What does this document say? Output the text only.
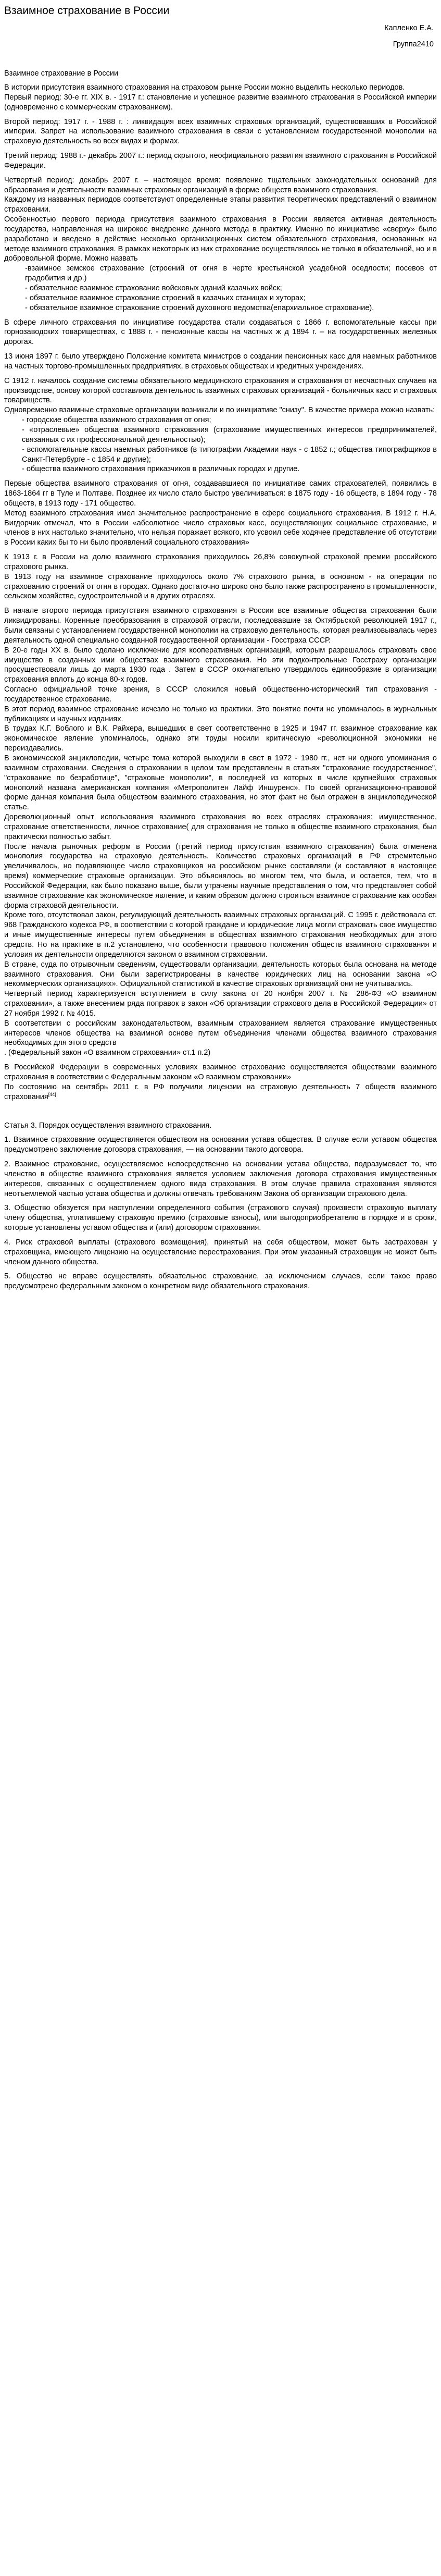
Взаимное страхование в России
Капленко Е.А.
Группа2410
Взаимное страхование в России

В истории присутствия взаимного страхования на страховом рынке России можно выделить несколько периодов.

Первый период: 30-е гг. XIX в. - 1917 г.: становление и успешное развитие взаимного страхования в Российской империи (одновременно с коммерческим страхованием).

Второй период: 1917 г. - 1988 г. : ликвидация всех взаимных страховых организаций, существовавших в Российской империи. Запрет на использование взаимного страхования в связи с установлением государственной монополии на страховую деятельность во всех видах и формах.

Третий период: 1988 г.- декабрь 2007 г.: период скрытого, неофициального развития взаимного страхования в Российской Федерации.

Четвертый период: декабрь 2007 г. – настоящее время: появление тщательных законодательных оснований для образования и деятельности взаимных страховых организаций в форме обществ взаимного страхования.

Каждому из названных периодов соответствуют определенные этапы развития теоретических представлений о взаимном страховании.

Особенностью первого периода присутствия взаимного страхования в России является активная деятельность государства, направленная на широкое внедрение данного метода в практику. Именно по инициативе «сверху» было разработано и введено в действие несколько организационных систем обязательного страхования, основанных на методе взаимного страхования. В рамках некоторых из них страхование осуществлялось не только в обязательной, но и в добровольной форме. Можно назвать

-взаимное земское страхование (строений от огня в черте крестьянской усадебной оседлости; посевов от градобития и др.)

- обязательное взаимное страхование войсковых зданий казачьих войск;

- обязательное взаимное страхование строений в казачьих станицах и хуторах;

- обязательное взаимное страхование строений духовного ведомства(епархиальное страхование).

В сфере личного страхования по инициативе государства стали создаваться с 1866 г. вспомогательные кассы при горнозаводских товариществах, с 1888 г. - пенсионные кассы на частных ж д 1894 г. – на государственных железных дорогах.

13 июня 1897 г. было утверждено Положение комитета министров о создании пенсионных касс для наемных работников на частных торгово-промышленных предприятиях, в страховых обществах и кредитных учреждениях.

С 1912 г. началось создание системы обязательного медицинского страхования и страхования от несчастных случаев на производстве, основу которой составляла деятельность взаимных страховых организаций - больничных касс и страховых товариществ.

Одновременно взаимные страховые организации возникали и по инициативе "снизу". В качестве примера можно назвать:

- городские общества взаимного страхования от огня;

- «отраслевые» общества взаимного страхования (страхование имущественных интересов предпринимателей, связанных с их профессиональной деятельностью);

- вспомогательные кассы наемных работников (в типографии Академии наук - с 1852 г.; общества типографщиков в Санкт-Петербурге - с 1854 и другие);

- общества взаимного страхования приказчиков в различных городах и другие.

Первые общества взаимного страхования от огня, создававшиеся по инициативе самих страхователей, появились в 1863-1864 гг в Туле и Полтаве. Позднее их число стало быстро увеличиваться: в 1875 году - 16 обществ, в 1894 году - 78 обществ, в 1913 году - 171 общество.

Метод взаимного страхования имел значительное распространение в сфере социального страхования. В 1912 г. Н.А. Вигдорчик отмечал, что в России «абсолютное число страховых касс, осуществляющих социальное страхование, и членов в них настолько значительно, что нельзя поражает всякого, кто усвоил себе ходячее представление об отсутствии в России каких бы то ни было проявлений социального страхования»

К 1913 г. в России на долю взаимного страхования приходилось 26,8% совокупной страховой премии российского страхового рынка.

В 1913 году на взаимное страхование приходилось около 7% страхового рынка, в основном - на операции по страхованию строений от огня в городах. Однако достаточно широко оно было также распространено в промышленности, сельском хозяйстве, судостроительной и в других отраслях.

В начале второго периода присутствия взаимного страхования в России все взаимные общества страхования были ликвидированы. Коренные преобразования в страховой отрасли, последовавшие за Октябрьской революцией 1917 г., были связаны с установлением государственной монополии на страховую деятельность, которая реализовывалась через деятельность одной специально созданной государственной организации - Госстраха СССР.

В 20-е годы XX в. было сделано исключение для кооперативных организаций, которым разрешалось страховать свое имущество в созданных ими обществах взаимного страхования. Но эти подконтрольные Госстраху организации просуществовали лишь до марта 1930 года . Затем в СССР окончательно утвердилось единообразие в организации страхования вплоть до конца 80-х годов.

Согласно официальной точке зрения, в СССР сложился новый общественно-исторический тип страхования - государственное страхование.

В этот период взаимное страхование исчезло не только из практики. Это понятие почти не упоминалось в журнальных публикациях и научных изданиях.

В трудах К.Г. Воблого и В.К. Райхера, вышедших в свет соответственно в 1925 и 1947 гг. взаимное страхование как экономическое явление упоминалось, однако эти труды носили критическую «революционной экономики не переиздавались.

В экономической энциклопедии, четыре тома которой выходили в свет в 1972 - 1980 гг., нет ни одного упоминания о взаимном страховании. Сведения о страховании в целом там представлены в статьях "страхование государственное", "страхование по безработице", "страховые монополии", в последней из которых в числе крупнейших страховых монополий названа американская компания «Метрополитен Лайф Иншуренс». По своей организационно-правовой форме данная компания была обществом взаимного страхования, но этот факт не был отражен в энциклопедической статье.

Дореволюционный опыт использования взаимного страхования во всех отраслях страхования: имущественное, страхование ответственности, личное страхование( для страхования не только в обществе взаимного страхования, был практически полностью забыт.

После начала рыночных реформ в России (третий период присутствия взаимного страхования) была отменена монополия государства на страховую деятельность. Количество страховых организаций в РФ стремительно увеличивалось, но подавляющее число страховщиков на российском рынке составляли (и составляют в настоящее время) коммерческие страховые организации. Это объяснялось во многом тем, что была, и остается, тем, что в Российской Федерации, как было показано выше, были утрачены научные представления о том, что представляет собой взаимное страхование как экономическое явление, и каким образом должно строиться взаимное страхование как особая форма страховой деятельности.

Кроме того, отсутствовал закон, регулирующий деятельность взаимных страховых организаций. С 1995 г. действовала ст. 968 Гражданского кодекса РФ, в соответствии с которой граждане и юридические лица могли страховать свое имущество и иные имущественные интересы путем объединения в обществах взаимного страхования необходимых для этого средств. Но на практике в п.2 установлено, что особенности правового положения обществ взаимного страхования и условия их деятельности определяются законом о взаимном страховании.

В стране, суда по отрывочным сведениям, существовали организации, деятельность которых была основана на методе взаимного страхования. Они были зарегистрированы в качестве юридических лиц на основании закона «О некоммерческих организациях». Официальной статистикой в качестве страховых организаций они не учитывались.

Четвертый период характеризуется вступлением в силу закона от 20 ноября 2007 г. № 286-ФЗ «О взаимном страховании», а также внесением ряда поправок в закон «Об организации страхового дела в Российской Федерации» от 27 ноября 1992 г. № 4015.

В соответствии с российским законодательством, взаимным страхованием является страхование имущественных интересов членов общества на взаимной основе путем объединения членами общества взаимного страхования необходимых для этого средств

. (Федеральный закон «О взаимном страховании» ст.1 п.2)

В Российской Федерации в современных условиях взаимное страхование осуществляется обществами взаимного страхования в соответствии с Федеральным законом «О взаимном страховании»

По состоянию на сентябрь 2011 г. в РФ получили лицензии на страховую деятельность 7 обществ взаимного страхования[44]

Статья 3. Порядок осуществления взаимного страхования.

1. Взаимное страхование осуществляется обществом на основании устава общества. В случае если уставом общества предусмотрено заключение договора страхования, — на основании такого договора.

2. Взаимное страхование, осуществляемое непосредственно на основании устава общества, подразумевает то, что членство в обществе взаимного страхования является условием заключения договора страхования имущественных интересов, связанных с осуществлением одного вида страхования. В этом случае правила страхования являются неотъемлемой частью устава общества и должны отвечать требованиям Закона об организации страхового дела.

3. Общество обязуется при наступлении определенного события (страхового случая) произвести страховую выплату члену общества, уплатившему страховую премию (страховые взносы), или выгодоприобретателю в порядке и в сроки, которые установлены уставом общества и (или) договором страхования.

4. Риск страховой выплаты (страхового возмещения), принятый на себя обществом, может быть застрахован у страховщика, имеющего лицензию на осуществление перестрахования. При этом указанный страховщик не может быть членом данного общества.

5. Общество не вправе осуществлять обязательное страхование, за исключением случаев, если такое право предусмотрено федеральным законом о конкретном виде обязательного страхования.
